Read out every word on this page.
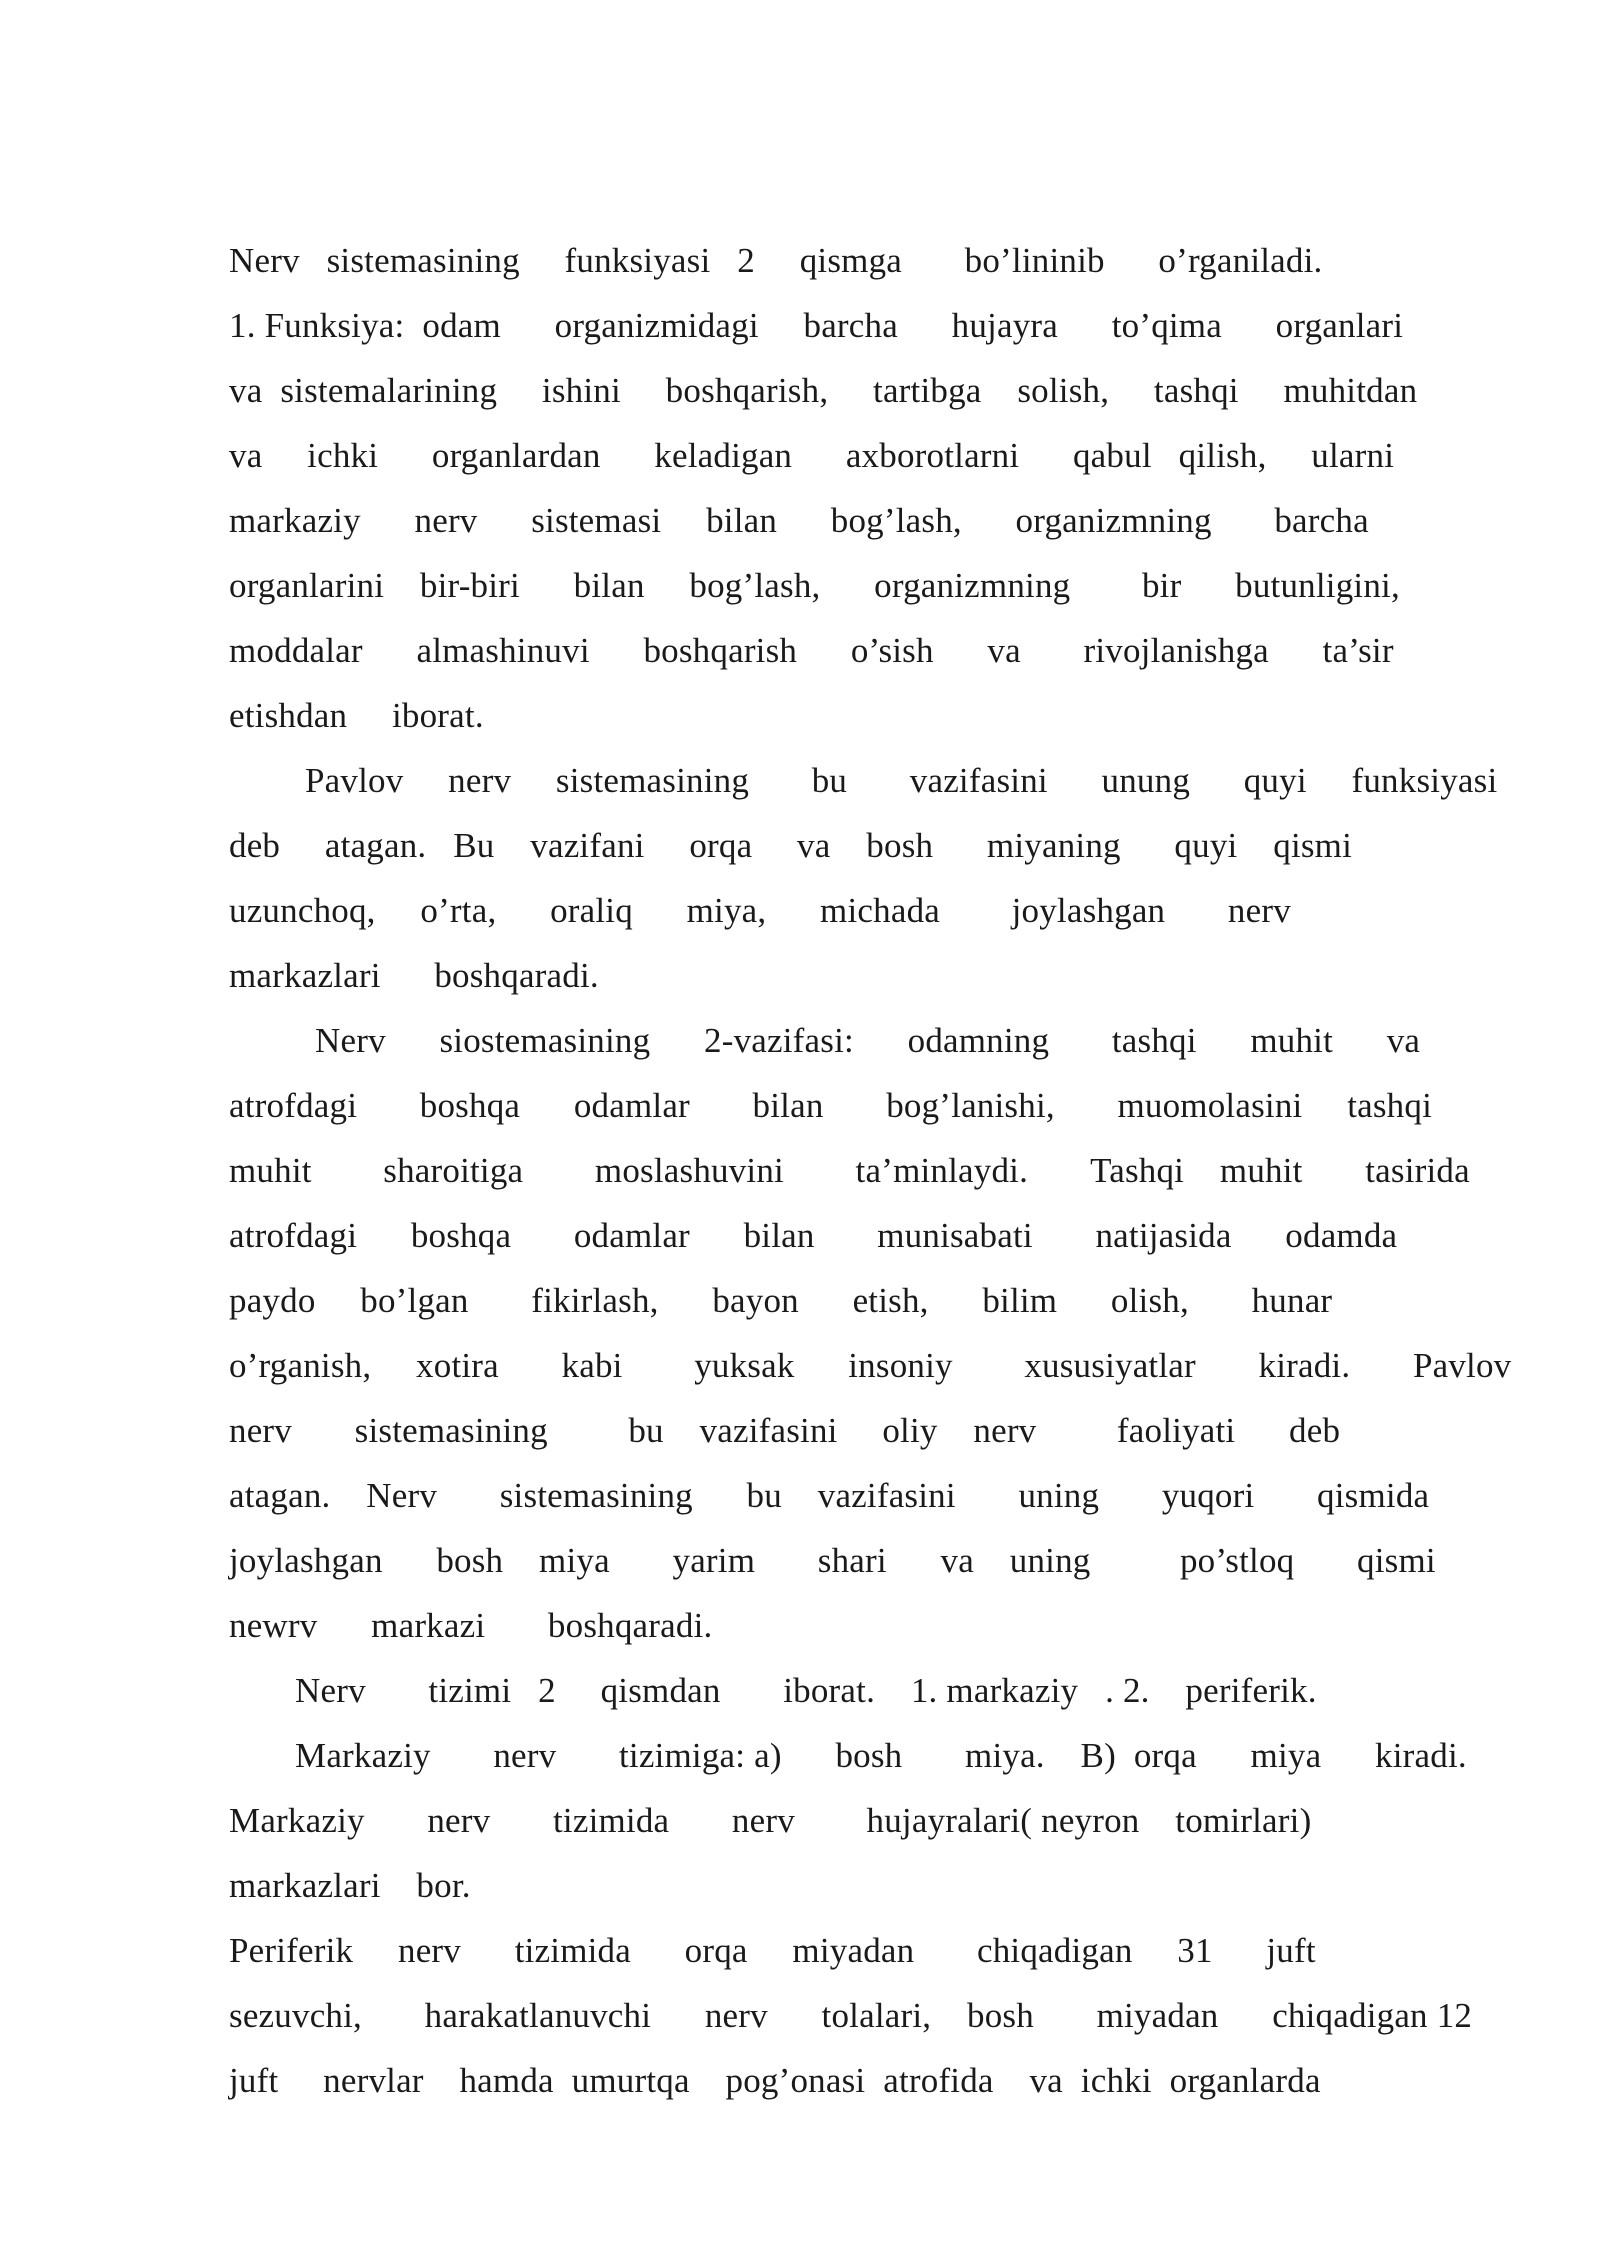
Nerv   sistemasining     funksiyasi   2     qismga       bo’lininib      o’rganiladi.
1. Funksiya:  odam      organizmidagi     barcha      hujayra      to’qima      organlari
va  sistemalarining     ishini     boshqarish,     tartibga    solish,     tashqi     muhitdan
va     ichki      organlardan      keladigan      axborotlarni      qabul   qilish,     ularni
markaziy      nerv      sistemasi     bilan      bog’lash,      organizmning       barcha
organlarini    bir-biri      bilan     bog’lash,      organizmning        bir      butunligini,
moddalar      almashinuvi      boshqarish      o’sish      va       rivojlanishga      ta’sir
etishdan     iborat.
Pavlov     nerv     sistemasining       bu       vazifasini      unung      quyi     funksiyasi
deb     atagan.   Bu    vazifani     orqa     va    bosh      miyaning      quyi    qismi
uzunchoq,     o’rta,      oraliq      miya,      michada        joylashgan       nerv
markazlari      boshqaradi.
Nerv      siostemasining      2-vazifasi:      odamning       tashqi      muhit      va
atrofdagi       boshqa      odamlar       bilan       bog’lanishi,       muomolasini     tashqi
muhit        sharoitiga        moslashuvini        ta’minlaydi.       Tashqi    muhit       tasirida
atrofdagi      boshqa       odamlar      bilan       munisabati       natijasida      odamda
paydo     bo’lgan       fikirlash,      bayon      etish,      bilim      olish,       hunar
o’rganish,     xotira       kabi        yuksak      insoniy        xususiyatlar       kiradi.       Pavlov
nerv       sistemasining         bu    vazifasini     oliy    nerv         faoliyati      deb
atagan.    Nerv       sistemasining      bu    vazifasini       uning       yuqori       qismida
joylashgan      bosh    miya       yarim       shari      va    uning          po’stloq       qismi
newrv      markazi       boshqaradi.
Nerv       tizimi   2     qismdan       iborat.    1. markaziy   . 2.    periferik.
Markaziy       nerv       tizimiga: a)      bosh       miya.    B)  orqa      miya      kiradi.
Markaziy       nerv       tizimida       nerv        hujayralari( neyron    tomirlari)
markazlari    bor.
Periferik     nerv      tizimida      orqa     miyadan       chiqadigan     31      juft
sezuvchi,       harakatlanuvchi      nerv      tolalari,    bosh       miyadan      chiqadigan 12
juft     nervlar    hamda  umurtqa    pog’onasi  atrofida    va  ichki  organlarda
